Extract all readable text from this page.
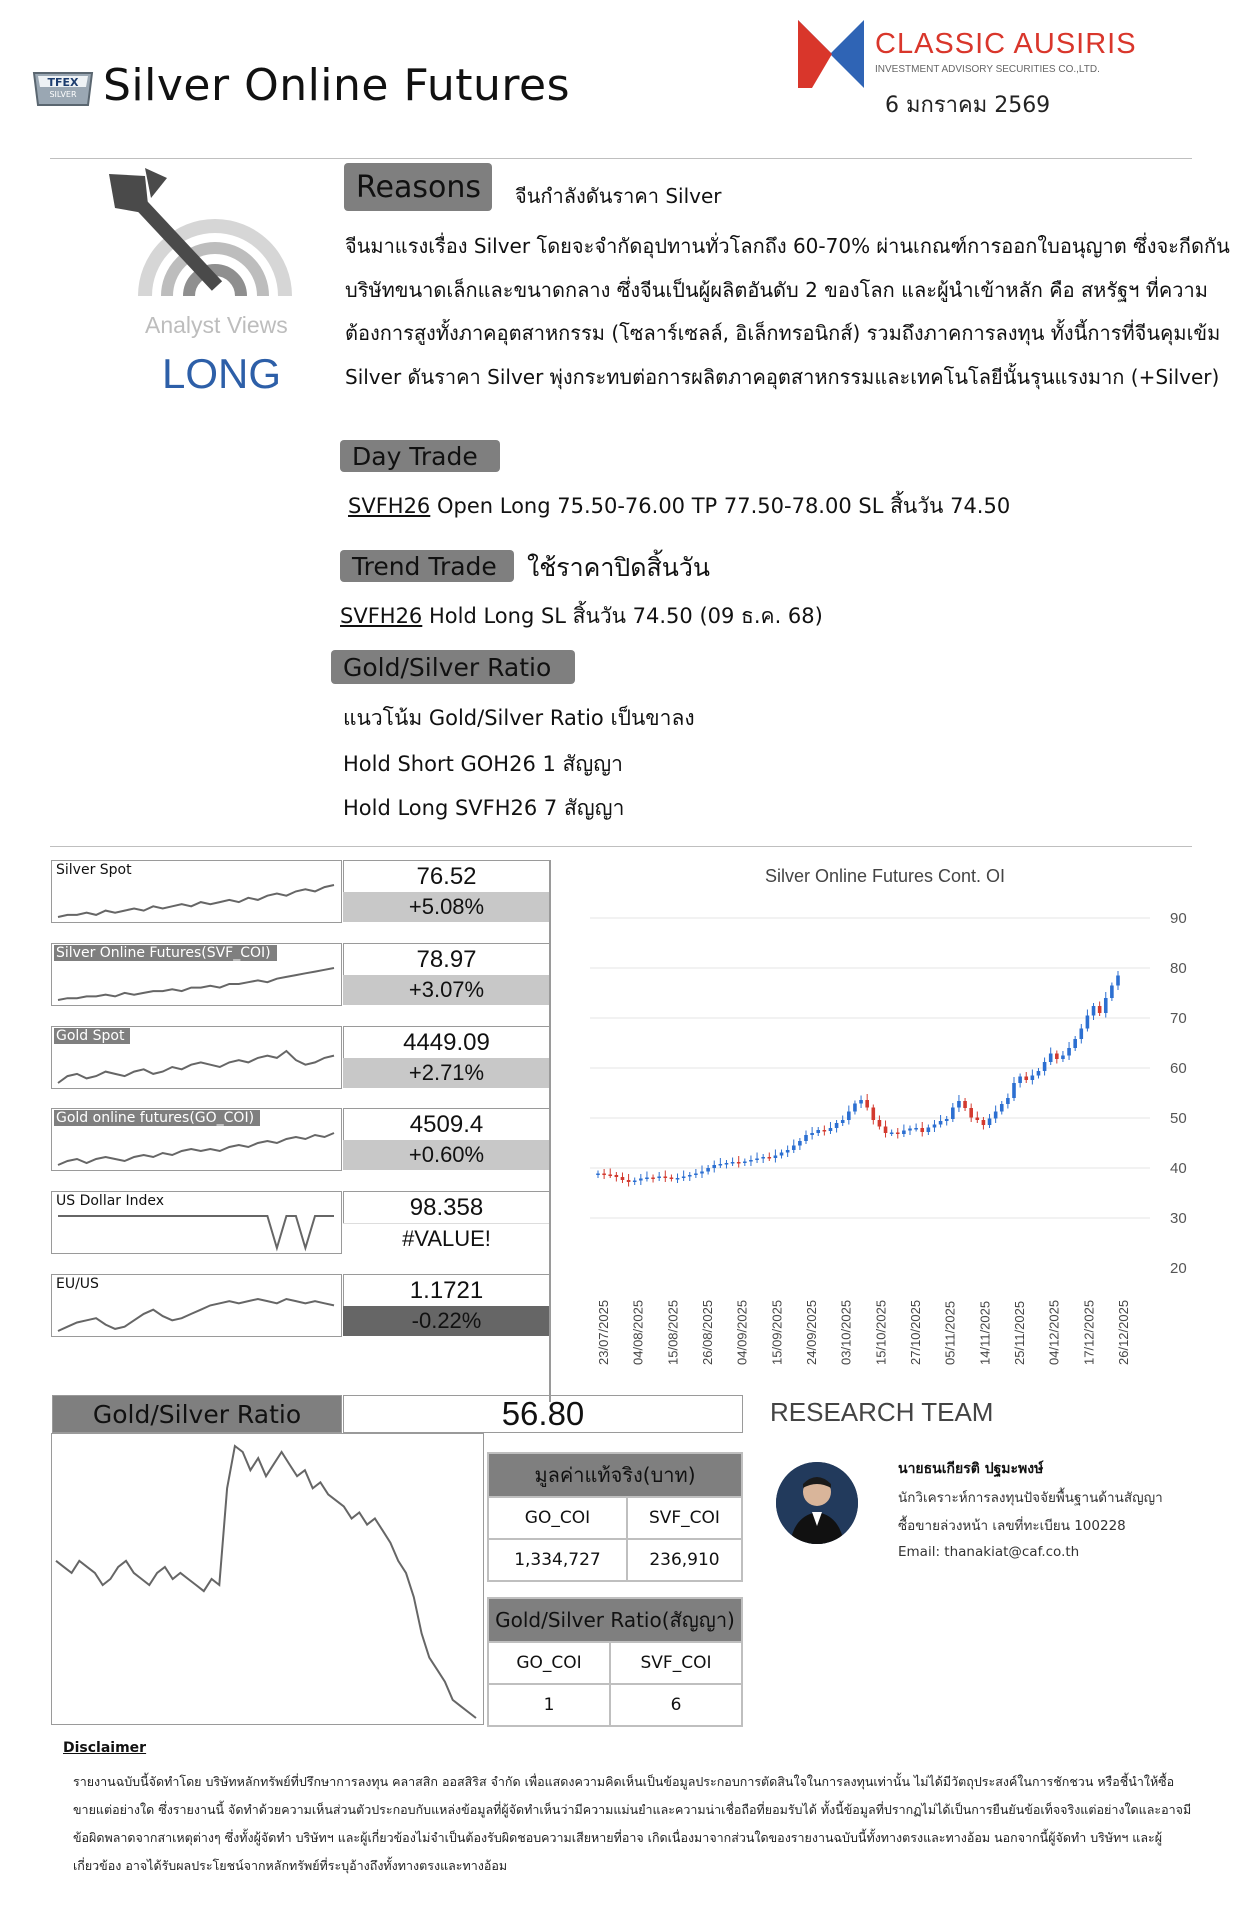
TFEX
SILVER Silver Online Futures
CLASSIC AUSIRIS
INVESTMENT ADVISORY SECURITIES CO.,LTD.
6 มกราคม 2569
Analyst Views
LONG
Reasons	จีนกำลังดันราคา Silver
จีนมาแรงเรื่อง Silver โดยจะจำกัดอุปทานทั่วโลกถึง 60-70% ผ่านเกณฑ์การออกใบอนุญาต ซึ่งจะกีดกันบริษัทขนาดเล็กและขนาดกลาง ซึ่งจีนเป็นผู้ผลิตอันดับ 2 ของโลก และผู้นำเข้าหลัก คือ สหรัฐฯ ที่ความต้องการสูงทั้งภาคอุตสาหกรรม (โซลาร์เซลล์, อิเล็กทรอนิกส์) รวมถึงภาคการลงทุน ทั้งนี้การที่จีนคุมเข้ม Silver ดันราคา Silver พุ่งกระทบต่อการผลิตภาคอุตสาหกรรมและเทคโนโลยีนั้นรุนแรงมาก (+Silver)
Day Trade
SVFH26 Open Long 75.50-76.00 TP 77.50-78.00 SL สิ้นวัน 74.50
Trend Trade	ใช้ราคาปิดสิ้นวัน
SVFH26 Hold Long SL สิ้นวัน 74.50 (09 ธ.ค. 68)
Gold/Silver Ratio
แนวโน้ม Gold/Silver Ratio เป็นขาลง
Hold Short GOH26 1 สัญญา
Hold Long SVFH26 7 สัญญา
Silver Spot	76.52
+5.08%
Silver Online Futures(SVF_COI)	78.97
+3.07%
Gold Spot	4449.09
+2.71%
Gold online futures(GO_COI)	4509.4
+0.60%
US Dollar Index	98.358
#VALUE!
EU/US	1.1721
-0.22%
Silver Online Futures Cont. OI
20
30
40
50
60
70
80
90
23/07/2025 04/08/2025 15/08/2025 26/08/2025 04/09/2025 15/09/2025 24/09/2025 03/10/2025 15/10/2025 27/10/2025 05/11/2025 14/11/2025 25/11/2025 04/12/2025 17/12/2025 26/12/2025
Gold/Silver Ratio	56.80	RESEARCH TEAM
นายธนเกียรติ ปฐมะพงษ์
นักวิเคราะห์การลงทุนปัจจัยพื้นฐานด้านสัญญา
ซื้อขายล่วงหน้า เลขที่ทะเบียน 100228
Email: thanakiat@caf.co.th
มูลค่าแท้จริง(บาท)	
GO_COI	SVF_COI
1,334,727	236,910
Gold/Silver Ratio(สัญญา)	
GO_COI	SVF_COI
1	6
Disclaimer
รายงานฉบับนี้จัดทำโดย บริษัทหลักทรัพย์ที่ปรึกษาการลงทุน คลาสสิก ออสสิริส จำกัด เพื่อแสดงความคิดเห็นเป็นข้อมูลประกอบการตัดสินใจในการลงทุนเท่านั้น ไม่ได้มีวัตถุประสงค์ในการชักชวน หรือชี้นำให้ซื้อขายแต่อย่างใด ซึ่งรายงานนี้ จัดทำด้วยความเห็นส่วนตัวประกอบกับแหล่งข้อมูลที่ผู้จัดทำเห็นว่ามีความแม่นยำและความน่าเชื่อถือที่ยอมรับได้ ทั้งนี้ข้อมูลที่ปรากฏไม่ได้เป็นการยืนยันข้อเท็จจริงแต่อย่างใดและอาจมีข้อผิดพลาดจากสาเหตุต่างๆ ซึ่งทั้งผู้จัดทำ บริษัทฯ และผู้เกี่ยวข้องไม่จำเป็นต้องรับผิดชอบความเสียหายที่อาจ เกิดเนื่องมาจากส่วนใดของรายงานฉบับนี้ทั้งทางตรงและทางอ้อม นอกจากนี้ผู้จัดทำ บริษัทฯ และผู้เกี่ยวข้อง อาจได้รับผลประโยชน์จากหลักทรัพย์ที่ระบุอ้างถึงทั้งทางตรงและทางอ้อม
